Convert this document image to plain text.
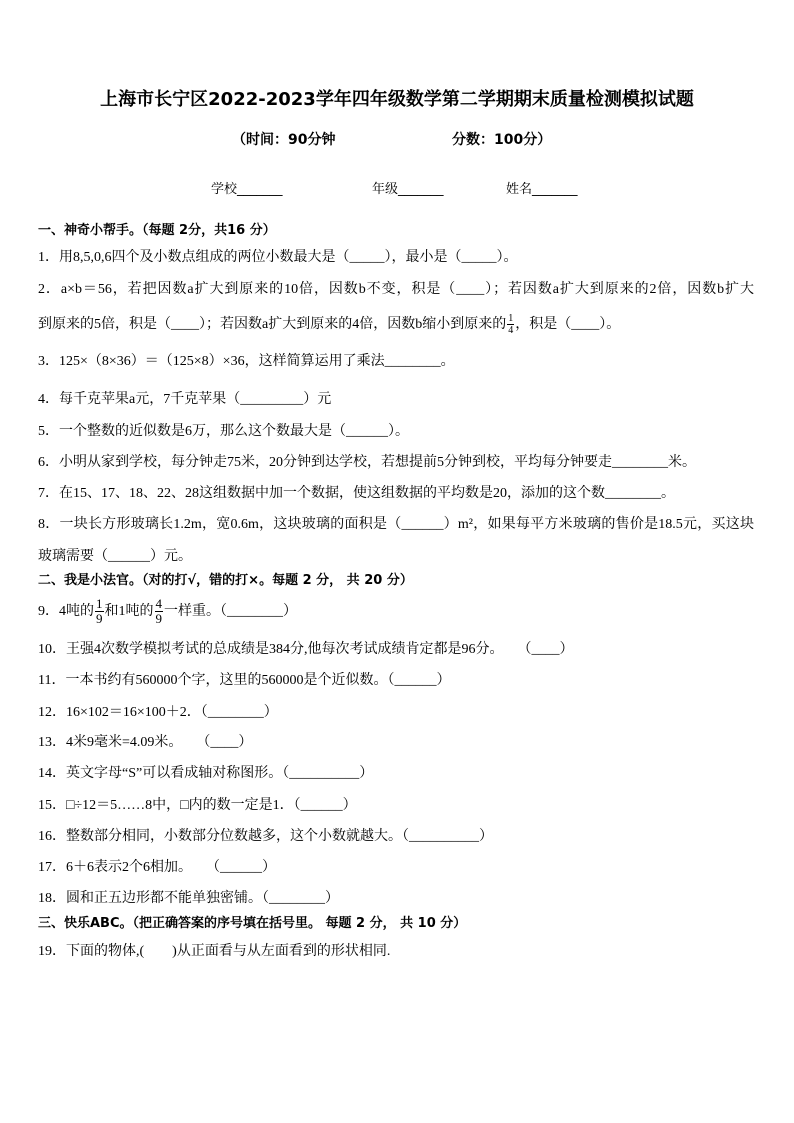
上海市长宁区2022-2023学年四年级数学第二学期期末质量检测模拟试题
（时间：90分钟	分数：100分）
学校_______	年级_______	姓名_______
一、神奇小帮手。（每题 2分，共16 分）
1．用8,5,0,6四个及小数点组成的两位小数最大是（_____），最小是（_____）。
2．a×b＝56，若把因数a扩大到原来的10倍，因数b不变，积是（____）；若因数a扩大到原来的2倍，因数b扩大
到原来的5倍，积是（____）；若因数a扩大到原来的4倍，因数b缩小到原来的 $\frac{1}{4}$ ，积是（____）。
3．125×（8×36）＝（125×8）×36，这样简算运用了乘法________。
4．每千克苹果a元，7千克苹果（_________）元
5．一个整数的近似数是6万，那么这个数最大是（______）。
6．小明从家到学校，每分钟走75米，20分钟到达学校，若想提前5分钟到校，平均每分钟要走________米。
7．在15、17、18、22、28这组数据中加一个数据，使这组数据的平均数是20，添加的这个数________。
8．一块长方形玻璃长1.2m，宽0.6m，这块玻璃的面积是（______）m²，如果每平方米玻璃的售价是18.5元，买这块
玻璃需要（______）元。
二、我是小法官。（对的打√，错的打×。每题 2 分， 共 20 分）
9．4吨的 $\frac{1}{9}$ 和1吨的 $\frac{4}{9}$ 一样重。（________）
10．王强4次数学模拟考试的总成绩是384分,他每次考试成绩肯定都是96分。　　（____）
11．一本书约有560000个字，这里的560000是个近似数。（______）
12．16×102＝16×100＋2．（________）
13．4米9毫米=4.09米。　　（____）
14．英文字母“S”可以看成轴对称图形。（__________）
15．□÷12＝5……8中，□内的数一定是1．（______）
16．整数部分相同，小数部分位数越多，这个小数就越大。（__________）
17．6＋6表示2个6相加。　　（______）
18．圆和正五边形都不能单独密铺。（________）
三、快乐ABC。（把正确答案的序号填在括号里。 每题 2 分， 共 10 分）
19．下面的物体,(　　)从正面看与从左面看到的形状相同.
